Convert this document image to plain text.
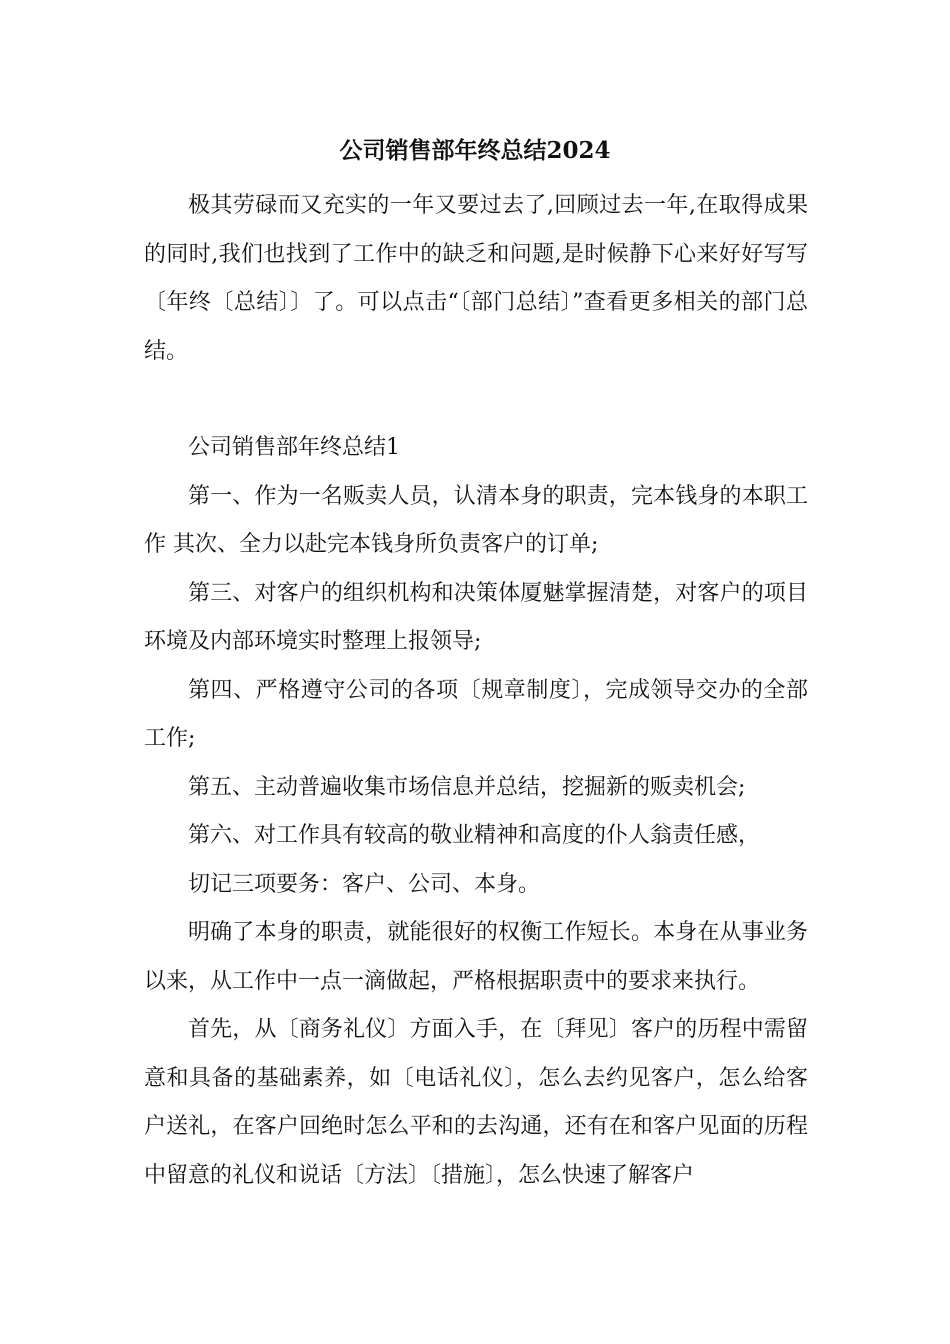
公司销售部年终总结2024

极其劳碌而又充实的一年又要过去了,回顾过去一年,在取得成果的同时,我们也找到了工作中的缺乏和问题,是时候静下心来好好写写〔年终〔总结〕〕了。可以点击“〔部门总结〕”查看更多相关的部门总结。

公司销售部年终总结1

第一、作为一名贩卖人员，认清本身的职责，完本钱身的本职工作 其次、全力以赴完本钱身所负责客户的订单;

第三、对客户的组织机构和决策体厦魅掌握清楚，对客户的项目环境及内部环境实时整理上报领导;

第四、严格遵守公司的各项〔规章制度〕，完成领导交办的全部工作;

第五、主动普遍收集市场信息并总结，挖掘新的贩卖机会;

第六、对工作具有较高的敬业精神和高度的仆人翁责任感，

切记三项要务：客户、公司、本身。

明确了本身的职责，就能很好的权衡工作短长。本身在从事业务以来，从工作中一点一滴做起，严格根据职责中的要求来执行。

首先，从〔商务礼仪〕方面入手，在〔拜见〕客户的历程中需留意和具备的基础素养，如〔电话礼仪〕，怎么去约见客户，怎么给客户送礼，在客户回绝时怎么平和的去沟通，还有在和客户见面的历程中留意的礼仪和说话〔方法〕〔措施〕，怎么快速了解客户
